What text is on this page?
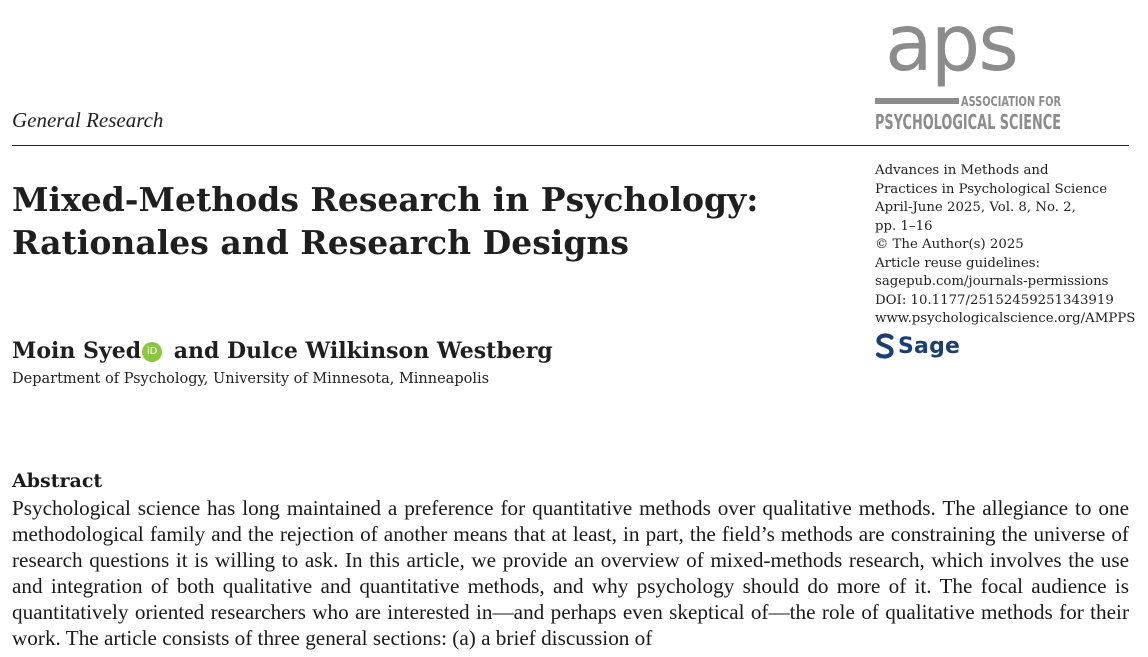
General Research
aps
ASSOCIATION FOR
PSYCHOLOGICAL SCIENCE
Mixed-Methods Research in Psychology:
Rationales and Research Designs
Moin Syed iD and Dulce Wilkinson Westberg
Department of Psychology, University of Minnesota, Minneapolis
Advances in Methods and
Practices in Psychological Science
April-June 2025, Vol. 8, No. 2,
pp. 1–16
© The Author(s) 2025
Article reuse guidelines:
sagepub.com/journals-permissions
DOI: 10.1177/25152459251343919
www.psychologicalscience.org/AMPPS
Sage
Abstract

Psychological science has long maintained a preference for quantitative methods over qualitative methods. The allegiance to one methodological family and the rejection of another means that at least, in part, the field’s methods are constraining the universe of research questions it is willing to ask. In this article, we provide an overview of mixed-methods research, which involves the use and integration of both qualitative and quantitative methods, and why psychology should do more of it. The focal audience is quantitatively oriented researchers who are interested in—and perhaps even skeptical of—the role of qualitative methods for their work. The article consists of three general sections: (a) a brief discussion of
